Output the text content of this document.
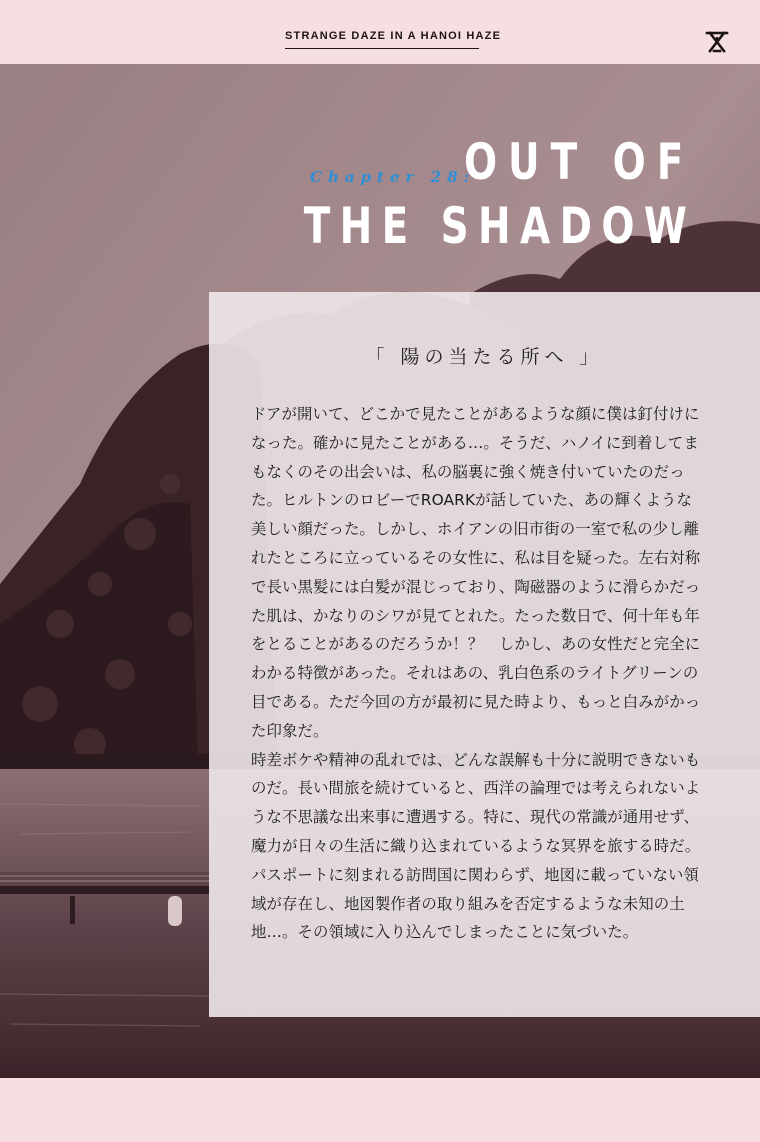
STRANGE DAZE IN A HANOI HAZE
Chapter 28:
OUT OF
THE SHADOW
「 陽の当たる所へ 」

ドアが開いて、どこかで見たことがあるような顔に僕は釘付けになった。確かに見たことがある…。そうだ、ハノイに到着してまもなくのその出会いは、私の脳裏に強く焼き付いていたのだった。ヒルトンのロビーでROARKが話していた、あの輝くような美しい顔だった。しかし、ホイアンの旧市街の一室で私の少し離れたところに立っているその女性に、私は目を疑った。左右対称で長い黒髪には白髪が混じっており、陶磁器のように滑らかだった肌は、かなりのシワが見てとれた。たった数日で、何十年も年をとることがあるのだろうか！？　しかし、あの女性だと完全にわかる特徴があった。それはあの、乳白色系のライトグリーンの目である。ただ今回の方が最初に見た時より、もっと白みがかった印象だ。

時差ボケや精神の乱れでは、どんな誤解も十分に説明できないものだ。長い間旅を続けていると、西洋の論理では考えられないような不思議な出来事に遭遇する。特に、現代の常識が通用せず、魔力が日々の生活に織り込まれているような冥界を旅する時だ。パスポートに刻まれる訪問国に関わらず、地図に載っていない領域が存在し、地図製作者の取り組みを否定するような未知の土地…。その領域に入り込んでしまったことに気づいた。
